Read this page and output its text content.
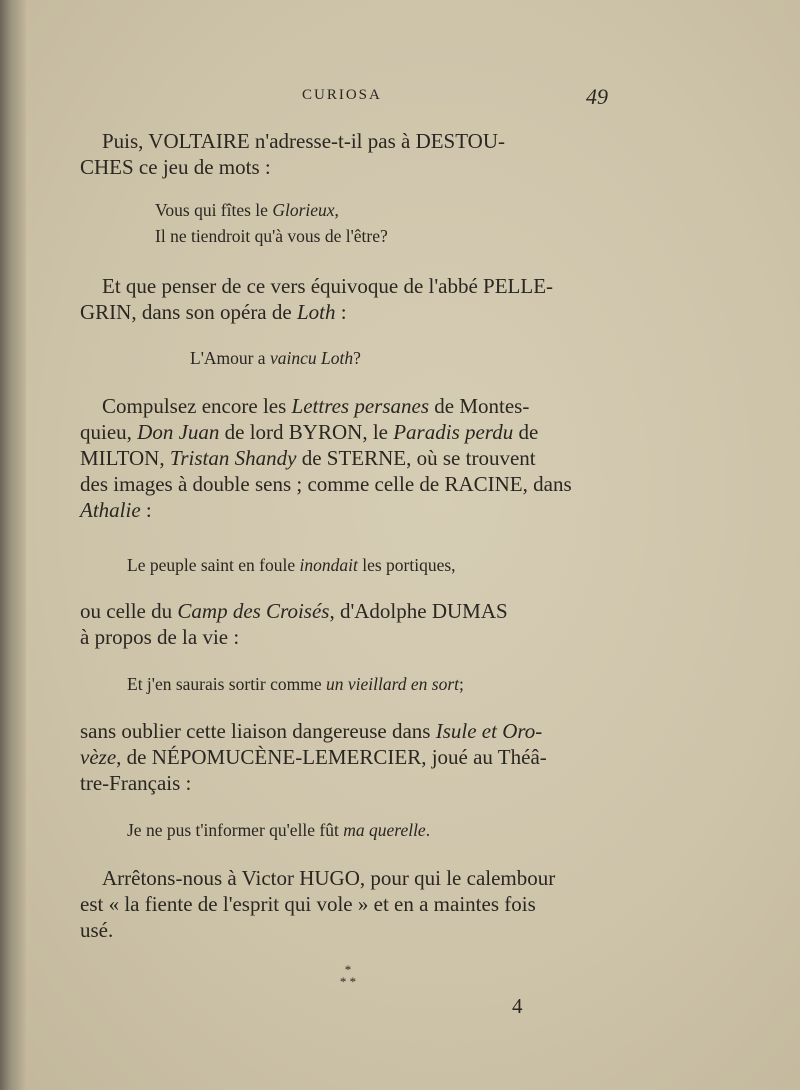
CURIOSA	49
Puis, VOLTAIRE n'adresse-t-il pas à DESTOU-
CHES ce jeu de mots :
Vous qui fîtes le Glorieux,
Il ne tiendroit qu'à vous de l'être?
Et que penser de ce vers équivoque de l'abbé PELLE-
GRIN, dans son opéra de Loth :
L'Amour a vaincu Loth?
Compulsez encore les Lettres persanes de Montes-
quieu, Don Juan de lord BYRON, le Paradis perdu de
MILTON, Tristan Shandy de STERNE, où se trouvent
des images à double sens ; comme celle de RACINE, dans
Athalie :
Le peuple saint en foule inondait les portiques,
ou celle du Camp des Croisés, d'Adolphe DUMAS
à propos de la vie :
Et j'en saurais sortir comme un vieillard en sort;
sans oublier cette liaison dangereuse dans Isule et Oro-
vèze, de NÉPOMUCÈNE-LEMERCIER, joué au Théâ-
tre-Français :
Je ne pus t'informer qu'elle fût ma querelle.
Arrêtons-nous à Victor HUGO, pour qui le calembour
est « la fiente de l'esprit qui vole » et en a maintes fois
usé.
*
* *
4
